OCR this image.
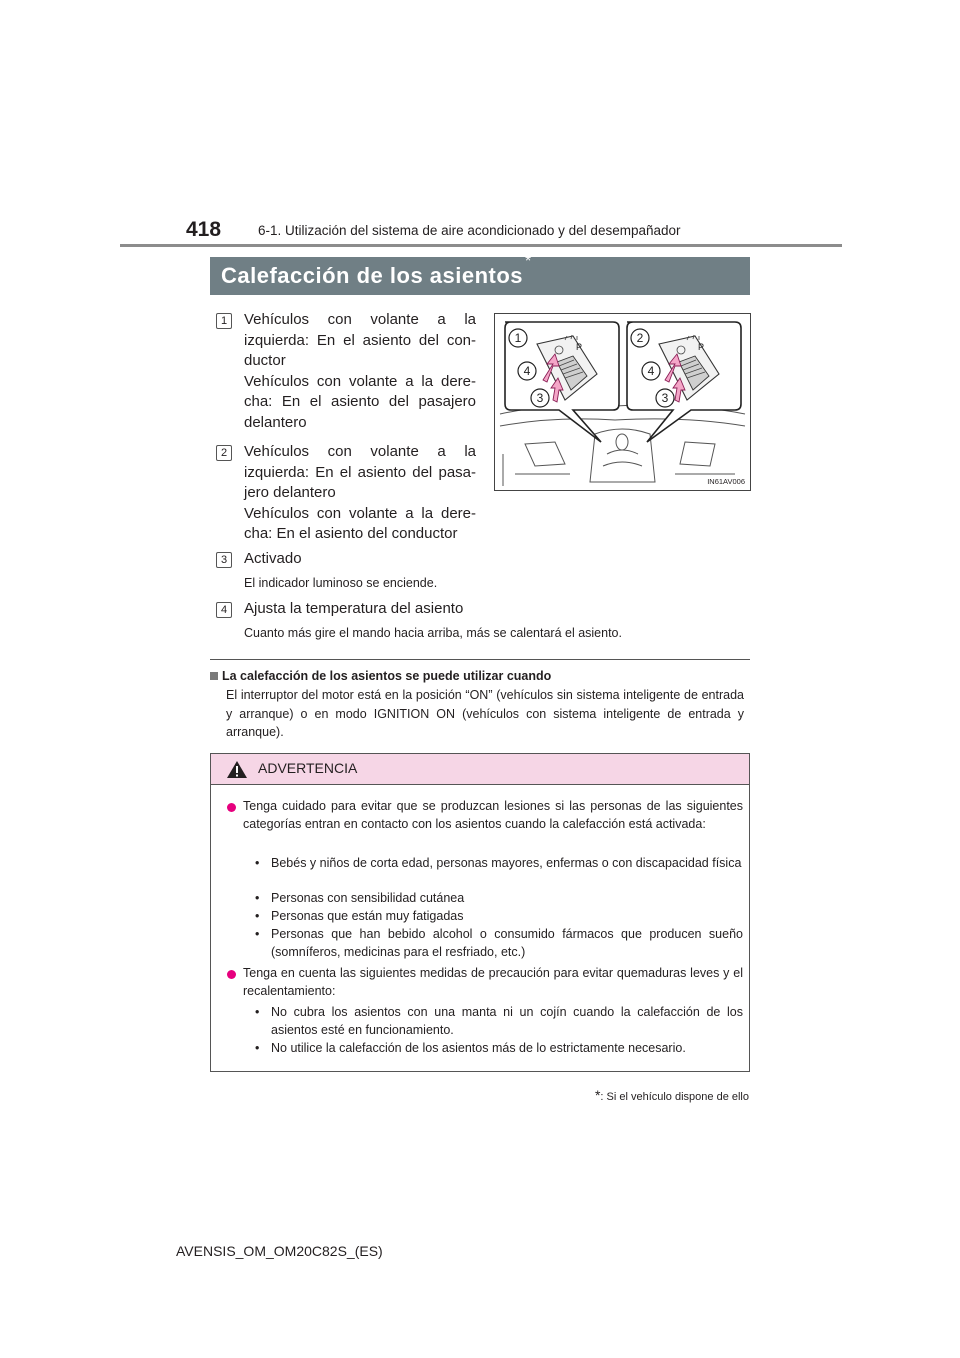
418	6-1. Utilización del sistema de aire acondicionado y del desempañador
Calefacción de los asientos*
1	Vehículos con volante a la izquierda: En el asiento del con-ductor

Vehículos con volante a la dere-cha: En el asiento del pasajero delantero

2	Vehículos con volante a la izquierda: En el asiento del pasa-jero delantero

Vehículos con volante a la dere-cha: En el asiento del conductor

3	Activado
El indicador luminoso se enciende.
4	Ajusta la temperatura del asiento
Cuanto más gire el mando hacia arriba, más se calentará el asiento.
1	2
4
3
4
3
P	P
IN61AV006
La calefacción de los asientos se puede utilizar cuando
El interruptor del motor está en la posición “ON” (vehículos sin sistema inteligente de entrada y arranque) o en modo IGNITION ON (vehículos con sistema inteligente de entrada y arranque).
ADVERTENCIA
Tenga cuidado para evitar que se produzcan lesiones si las personas de las siguientes categorías entran en contacto con los asientos cuando la calefacción está activada:
• Bebés y niños de corta edad, personas mayores, enfermas o con discapacidad física
• Personas con sensibilidad cutánea
• Personas que están muy fatigadas
• Personas que han bebido alcohol o consumido fármacos que producen sueño (somníferos, medicinas para el resfriado, etc.)
Tenga en cuenta las siguientes medidas de precaución para evitar quemaduras leves y el recalentamiento:
• No cubra los asientos con una manta ni un cojín cuando la calefacción de los asientos esté en funcionamiento.
• No utilice la calefacción de los asientos más de lo estrictamente necesario.
*: Si el vehículo dispone de ello
AVENSIS_OM_OM20C82S_(ES)
